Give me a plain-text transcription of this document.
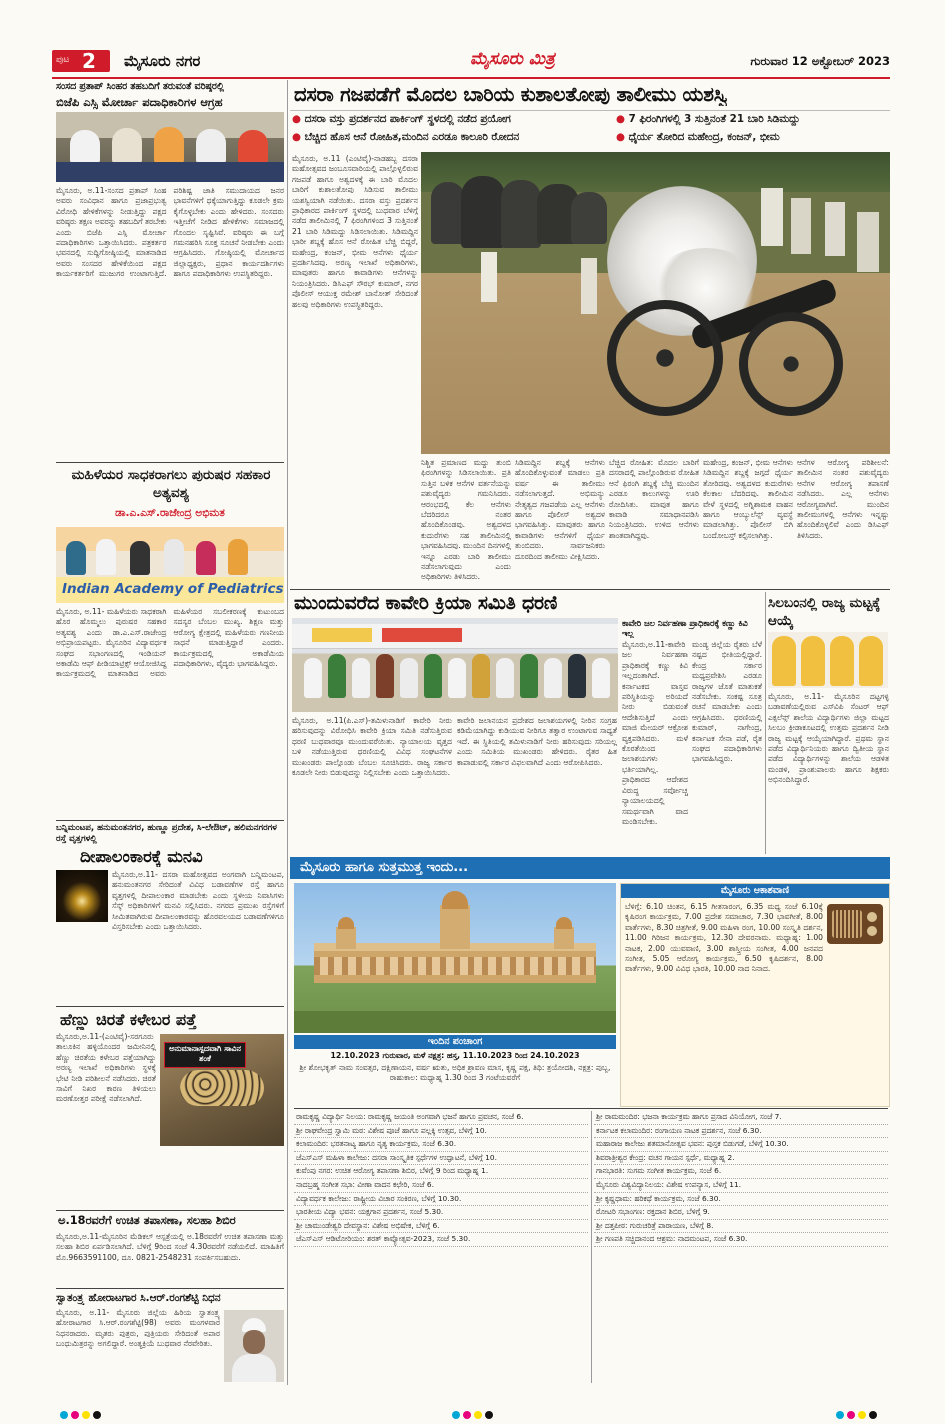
ಪುಟ 2 ಮೈಸೂರು ನಗರ	ಮೈಸೂರು ಮಿತ್ರ	ಗುರುವಾರ 12 ಅಕ್ಟೋಬರ್ 2023
ಸಂಸದ ಪ್ರತಾಪ್ ಸಿಂಹರ ತಹಬದಿಗೆ ತರುವಂತೆ ವರಿಷ್ಠರಲ್ಲಿ
ಬಿಜೆಪಿ ಎಸ್ಸಿ ಮೋರ್ಚಾ ಪದಾಧಿಕಾರಿಗಳ ಆಗ್ರಹ
ಮೈಸೂರು, ಅ.11-ಸಂಸದ ಪ್ರತಾಪ್ ಸಿಂಹ ಅವರು ಸಂವಿಧಾನ ಹಾಗೂ ಪ್ರಜಾಪ್ರಭುತ್ವ ವಿರೋಧಿ ಹೇಳಿಕೆಗಳನ್ನು ನೀಡುತ್ತಿದ್ದು ಪಕ್ಷದ ವರಿಷ್ಠರು ತಕ್ಷಣ ಅವರನ್ನು ತಹಬದಿಗೆ ತರಬೇಕು ಎಂದು ಬಿಜೆಪಿ ಎಸ್ಸಿ ಮೋರ್ಚಾ ಪದಾಧಿಕಾರಿಗಳು ಒತ್ತಾಯಿಸಿದರು. ಪತ್ರಕರ್ತರ ಭವನದಲ್ಲಿ ಸುದ್ದಿಗೋಷ್ಠಿಯಲ್ಲಿ ಮಾತನಾಡಿದ ಅವರು ಸಂಸದರ ಹೇಳಿಕೆಯಿಂದ ಪಕ್ಷದ ಕಾರ್ಯಕರ್ತರಿಗೆ ಮುಜುಗರ ಉಂಟಾಗುತ್ತಿದೆ. ಪರಿಶಿಷ್ಟ ಜಾತಿ ಸಮುದಾಯದ ಜನರ ಭಾವನೆಗಳಿಗೆ ಧಕ್ಕೆಯಾಗುತ್ತಿದ್ದು ಕೂಡಲೇ ಕ್ರಮ ಕೈಗೊಳ್ಳಬೇಕು ಎಂದು ಹೇಳಿದರು. ಸಂಸದರು ಇತ್ತೀಚೆಗೆ ನೀಡಿದ ಹೇಳಿಕೆಗಳು ಸಮಾಜದಲ್ಲಿ ಗೊಂದಲ ಸೃಷ್ಟಿಸಿವೆ. ವರಿಷ್ಠರು ಈ ಬಗ್ಗೆ ಗಮನಹರಿಸಿ ಸೂಕ್ತ ಸೂಚನೆ ನೀಡಬೇಕು ಎಂದು ಆಗ್ರಹಿಸಿದರು. ಗೋಷ್ಠಿಯಲ್ಲಿ ಮೋರ್ಚಾದ ಜಿಲ್ಲಾಧ್ಯಕ್ಷರು, ಪ್ರಧಾನ ಕಾರ್ಯದರ್ಶಿಗಳು ಹಾಗೂ ಪದಾಧಿಕಾರಿಗಳು ಉಪಸ್ಥಿತರಿದ್ದರು.
ಮಹಿಳೆಯರ ಸಾಧಕರಾಗಲು ಪುರುಷರ ಸಹಕಾರ ಅತ್ಯವಶ್ಯ
ಡಾ.ಎ.ಎಸ್.ರಾಜೇಂದ್ರ ಅಭಿಮತ
Indian Academy of Pediatrics
ಮೈಸೂರು, ಅ.11- ಮಹಿಳೆಯರು ಸಾಧಕರಾಗಿ ಹೊರ ಹೊಮ್ಮಲು ಪುರುಷರ ಸಹಕಾರ ಅತ್ಯವಶ್ಯ ಎಂದು ಡಾ.ಎ.ಎಸ್.ರಾಜೇಂದ್ರ ಅಭಿಪ್ರಾಯಪಟ್ಟರು. ಮೈಸೂರಿನ ವಿದ್ಯಾವರ್ಧಕ ಸಂಘದ ಸಭಾಂಗಣದಲ್ಲಿ ಇಂಡಿಯನ್ ಅಕಾಡೆಮಿ ಆಫ್ ಪೀಡಿಯಾಟ್ರಿಕ್ಸ್ ಆಯೋಜಿಸಿದ್ದ ಕಾರ್ಯಕ್ರಮದಲ್ಲಿ ಮಾತನಾಡಿದ ಅವರು ಮಹಿಳೆಯರ ಸಬಲೀಕರಣಕ್ಕೆ ಕುಟುಂಬದ ಸದಸ್ಯರ ಬೆಂಬಲ ಮುಖ್ಯ. ಶಿಕ್ಷಣ ಮತ್ತು ಆರೋಗ್ಯ ಕ್ಷೇತ್ರದಲ್ಲಿ ಮಹಿಳೆಯರು ಗಣನೀಯ ಸಾಧನೆ ಮಾಡುತ್ತಿದ್ದಾರೆ ಎಂದರು. ಕಾರ್ಯಕ್ರಮದಲ್ಲಿ ಅಕಾಡೆಮಿಯ ಪದಾಧಿಕಾರಿಗಳು, ವೈದ್ಯರು ಭಾಗವಹಿಸಿದ್ದರು.
ಬನ್ನಿಮಂಟಪ, ಹನುಮಂತನಗರ, ಹುಣ್ಣೂ ಪ್ರದೇಶ, ಸಿ-ಲೇಔಟ್, ಹಲಿಮನಗರಗಳ ರಸ್ತೆ ವೃತ್ತಗಳಲ್ಲಿ
ದೀಪಾಲಂಕಾರಕ್ಕೆ ಮನವಿ
ಮೈಸೂರು,ಅ.11- ದಸರಾ ಮಹೋತ್ಸವದ ಅಂಗವಾಗಿ ಬನ್ನಿಮಂಟಪ, ಹನುಮಂತನಗರ ಸೇರಿದಂತೆ ವಿವಿಧ ಬಡಾವಣೆಗಳ ರಸ್ತೆ ಹಾಗೂ ವೃತ್ತಗಳಲ್ಲಿ ದೀಪಾಲಂಕಾರ ಮಾಡಬೇಕು ಎಂದು ಸ್ಥಳೀಯ ನಿವಾಸಿಗಳು ಸೆಸ್ಕ್ ಅಧಿಕಾರಿಗಳಿಗೆ ಮನವಿ ಸಲ್ಲಿಸಿದರು. ನಗರದ ಪ್ರಮುಖ ರಸ್ತೆಗಳಿಗೆ ಸೀಮಿತವಾಗಿರುವ ದೀಪಾಲಂಕಾರವನ್ನು ಹೊರವಲಯದ ಬಡಾವಣೆಗಳಿಗೂ ವಿಸ್ತರಿಸಬೇಕು ಎಂದು ಒತ್ತಾಯಿಸಿದರು.
ಹೆಣ್ಣು ಚಿರತೆ ಕಳೇಬರ ಪತ್ತೆ
ಮೈಸೂರು,ಅ.11-(ಎಂಟಿವೈ)-ಸರಗೂರು ತಾಲೂಕಿನ ಹಳ್ಳಿಯೊಂದರ ಜಮೀನಿನಲ್ಲಿ ಹೆಣ್ಣು ಚಿರತೆಯ ಕಳೇಬರ ಪತ್ತೆಯಾಗಿದ್ದು ಅರಣ್ಯ ಇಲಾಖೆ ಅಧಿಕಾರಿಗಳು ಸ್ಥಳಕ್ಕೆ ಭೇಟಿ ನೀಡಿ ಪರಿಶೀಲನೆ ನಡೆಸಿದರು. ಚಿರತೆ ಸಾವಿಗೆ ನಿಖರ ಕಾರಣ ತಿಳಿಯಲು ಮರಣೋತ್ತರ ಪರೀಕ್ಷೆ ನಡೆಸಲಾಗಿದೆ.
ಅನುಮಾನಾಸ್ಪದವಾಗಿ ಸಾವಿನ ಶಂಕೆ
ಅ.18ರವರೆಗೆ ಉಚಿತ ತಪಾಸಣಾ, ಸಲಹಾ ಶಿಬಿರ
ಮೈಸೂರು,ಅ.11-ಮೈಸೂರಿನ ಮೆಡಿಕಲ್ ಆಸ್ಪತ್ರೆಯಲ್ಲಿ ಅ.18ರವರೆಗೆ ಉಚಿತ ತಪಾಸಣಾ ಮತ್ತು ಸಲಹಾ ಶಿಬಿರ ಏರ್ಪಡಿಸಲಾಗಿದೆ. ಬೆಳಿಗ್ಗೆ 9ರಿಂದ ಸಂಜೆ 4.30ರವರೆಗೆ ನಡೆಯಲಿದೆ. ಮಾಹಿತಿಗೆ ಮೊ.9663591100, ದೂ. 0821-2548231 ಸಂಪರ್ಕಿಸಬಹುದು.
ಸ್ವಾತಂತ್ರ್ಯ ಹೋರಾಟಗಾರ ಸಿ.ಆರ್.ರಂಗಶೆಟ್ಟಿ ನಿಧನ
ಮೈಸೂರು, ಅ.11- ಮೈಸೂರು ಜಿಲ್ಲೆಯ ಹಿರಿಯ ಸ್ವಾತಂತ್ರ್ಯ ಹೋರಾಟಗಾರ ಸಿ.ಆರ್.ರಂಗಶೆಟ್ಟಿ(98) ಅವರು ಮಂಗಳವಾರ ನಿಧನರಾದರು. ಮೃತರು ಪುತ್ರರು, ಪುತ್ರಿಯರು ಸೇರಿದಂತೆ ಅಪಾರ ಬಂಧುಮಿತ್ರರನ್ನು ಅಗಲಿದ್ದಾರೆ. ಅಂತ್ಯಕ್ರಿಯೆ ಬುಧವಾರ ನೆರವೇರಿತು.
ದಸರಾ ಗಜಪಡೆಗೆ ಮೊದಲ ಬಾರಿಯ ಕುಶಾಲತೋಪು ತಾಲೀಮು ಯಶಸ್ವಿ
● ದಸರಾ ವಸ್ತು ಪ್ರದರ್ಶನದ ಪಾರ್ಕಿಂಗ್ ಸ್ಥಳದಲ್ಲಿ ನಡೆದ ಪ್ರಯೋಗ	● 7 ಫಿರಂಗಿಗಳಲ್ಲಿ 3 ಸುತ್ತಿನಂತೆ 21 ಬಾರಿ ಸಿಡಿಮದ್ದು
● ಬೆಚ್ಚಿದ ಹೊಸ ಆನೆ ರೋಹಿತ,ಮಂದಿನ ಎರಡೂ ಕಾಲೂರಿ ರೋದನ	● ಧೈರ್ಯ ತೋರಿದ ಮಹೇಂದ್ರ, ಕಂಜನ್, ಭೀಮ
ಮೈಸೂರು, ಅ.11 (ಎಂಟಿವೈ)-ನಾಡಹಬ್ಬ ದಸರಾ ಮಹೋತ್ಸವದ ಜಂಬೂಸವಾರಿಯಲ್ಲಿ ಪಾಲ್ಗೊಳ್ಳಲಿರುವ ಗಜಪಡೆ ಹಾಗೂ ಅಶ್ವದಳಕ್ಕೆ ಈ ಬಾರಿ ಮೊದಲ ಬಾರಿಗೆ ಕುಶಾಲತೋಪು ಸಿಡಿಸುವ ತಾಲೀಮು ಯಶಸ್ವಿಯಾಗಿ ನಡೆಯಿತು. ದಸರಾ ವಸ್ತು ಪ್ರದರ್ಶನ ಪ್ರಾಧಿಕಾರದ ಪಾರ್ಕಿಂಗ್ ಸ್ಥಳದಲ್ಲಿ ಬುಧವಾರ ಬೆಳಿಗ್ಗೆ ನಡೆದ ತಾಲೀಮಿನಲ್ಲಿ 7 ಫಿರಂಗಿಗಳಿಂದ 3 ಸುತ್ತಿನಂತೆ 21 ಬಾರಿ ಸಿಡಿಮದ್ದು ಸಿಡಿಸಲಾಯಿತು. ಸಿಡಿಮದ್ದಿನ ಭಾರೀ ಶಬ್ದಕ್ಕೆ ಹೊಸ ಆನೆ ರೋಹಿತ ಬೆಚ್ಚಿ ಬಿದ್ದರೆ, ಮಹೇಂದ್ರ, ಕಂಜನ್, ಭೀಮ ಆನೆಗಳು ಧೈರ್ಯ ಪ್ರದರ್ಶಿಸಿದವು. ಅರಣ್ಯ ಇಲಾಖೆ ಅಧಿಕಾರಿಗಳು, ಮಾವುತರು ಹಾಗೂ ಕಾವಾಡಿಗಳು ಆನೆಗಳನ್ನು ನಿಯಂತ್ರಿಸಿದರು. ಡಿಸಿಎಫ್ ಸೌರಭ್ ಕುಮಾರ್, ನಗರ ಪೊಲೀಸ್ ಆಯುಕ್ತ ರಮೇಶ್ ಬಾನೋತ್ ಸೇರಿದಂತೆ ಹಲವು ಅಧಿಕಾರಿಗಳು ಉಪಸ್ಥಿತರಿದ್ದರು.
ನಿಶ್ಚಿತ ಪ್ರಮಾಣದ ಮದ್ದು ತುಂಬಿ ಫಿರಂಗಿಗಳನ್ನು ಸಿಡಿಸಲಾಯಿತು. ಪ್ರತಿ ಸುತ್ತಿನ ಬಳಿಕ ಆನೆಗಳ ವರ್ತನೆಯನ್ನು ಪಶುವೈದ್ಯರು ಗಮನಿಸಿದರು. ಆರಂಭದಲ್ಲಿ ಕೆಲ ಆನೆಗಳು ಬೆದರಿದರೂ ನಂತರ ಹೊಂದಿಕೊಂಡವು. ಅಶ್ವದಳದ ಕುದುರೆಗಳು ಸಹ ತಾಲೀಮಿನಲ್ಲಿ ಭಾಗವಹಿಸಿದವು. ಮುಂದಿನ ದಿನಗಳಲ್ಲಿ ಇನ್ನೂ ಎರಡು ಬಾರಿ ತಾಲೀಮು ನಡೆಸಲಾಗುವುದು ಎಂದು ಅಧಿಕಾರಿಗಳು ತಿಳಿಸಿದರು.
ಸಿಡಿಮದ್ದಿನ ಶಬ್ದಕ್ಕೆ ಆನೆಗಳು ಹೊಂದಿಕೊಳ್ಳುವಂತೆ ಮಾಡಲು ಪ್ರತಿ ವರ್ಷ ಈ ತಾಲೀಮು ನಡೆಸಲಾಗುತ್ತದೆ. ಅಭಿಮನ್ಯು ನೇತೃತ್ವದ ಗಜಪಡೆಯ ಎಲ್ಲ ಆನೆಗಳು ಹಾಗೂ ಪೊಲೀಸ್ ಅಶ್ವದಳ ಭಾಗವಹಿಸಿತ್ತು. ಮಾವುತರು ಹಾಗೂ ಕಾವಾಡಿಗಳು ಆನೆಗಳಿಗೆ ಧೈರ್ಯ ತುಂಬಿದರು. ಸಾರ್ವಜನಿಕರು ದೂರದಿಂದ ತಾಲೀಮು ವೀಕ್ಷಿಸಿದರು.
ಬೆಚ್ಚಿದ ರೋಹಿತ: ಮೊದಲ ಬಾರಿಗೆ ದಸರಾದಲ್ಲಿ ಪಾಲ್ಗೊಂಡಿರುವ ರೋಹಿತ ಆನೆ ಫಿರಂಗಿ ಶಬ್ದಕ್ಕೆ ಬೆಚ್ಚಿ ಮುಂದಿನ ಎರಡೂ ಕಾಲುಗಳನ್ನು ಊರಿ ರೋದಿಸಿತು. ಮಾವುತ ಹಾಗೂ ಕಾವಾಡಿ ಸಮಾಧಾನಪಡಿಸಿ ನಿಯಂತ್ರಿಸಿದರು. ಉಳಿದ ಆನೆಗಳು ಶಾಂತವಾಗಿದ್ದವು.
ಮಹೇಂದ್ರ, ಕಂಜನ್, ಭೀಮ ಆನೆಗಳು ಸಿಡಿಮದ್ದಿನ ಶಬ್ದಕ್ಕೆ ಜಗ್ಗದೆ ಧೈರ್ಯ ತೋರಿದವು. ಅಶ್ವದಳದ ಕುದುರೆಗಳು ಕೆಲಕಾಲ ಬೆದರಿದವು. ತಾಲೀಮಿನ ವೇಳೆ ಸ್ಥಳದಲ್ಲಿ ಅಗ್ನಿಶಾಮಕ ವಾಹನ ಹಾಗೂ ಆಂಬ್ಯುಲೆನ್ಸ್ ವ್ಯವಸ್ಥೆ ಮಾಡಲಾಗಿತ್ತು. ಪೊಲೀಸ್ ಬಿಗಿ ಬಂದೋಬಸ್ತ್ ಕಲ್ಪಿಸಲಾಗಿತ್ತು.
ಆನೆಗಳ ಆರೋಗ್ಯ ಪರಿಶೀಲನೆ: ತಾಲೀಮಿನ ನಂತರ ಪಶುವೈದ್ಯರು ಆನೆಗಳ ಆರೋಗ್ಯ ತಪಾಸಣೆ ನಡೆಸಿದರು. ಎಲ್ಲ ಆನೆಗಳು ಆರೋಗ್ಯವಾಗಿವೆ. ಮುಂದಿನ ತಾಲೀಮುಗಳಲ್ಲಿ ಆನೆಗಳು ಇನ್ನಷ್ಟು ಹೊಂದಿಕೊಳ್ಳಲಿವೆ ಎಂದು ಡಿಸಿಎಫ್ ತಿಳಿಸಿದರು.
ಮುಂದುವರೆದ ಕಾವೇರಿ ಕ್ರಿಯಾ ಸಮಿತಿ ಧರಣಿ
ಮೈಸೂರು, ಅ.11(ಪಿ.ಎಸ್)-ತಮಿಳುನಾಡಿಗೆ ಕಾವೇರಿ ನೀರು ಹರಿಸುವುದನ್ನು ವಿರೋಧಿಸಿ ಕಾವೇರಿ ಕ್ರಿಯಾ ಸಮಿತಿ ನಡೆಸುತ್ತಿರುವ ಧರಣಿ ಬುಧವಾರವೂ ಮುಂದುವರೆಯಿತು. ನ್ಯಾಯಾಲಯ ವೃತ್ತದ ಬಳಿ ನಡೆಯುತ್ತಿರುವ ಧರಣಿಯಲ್ಲಿ ವಿವಿಧ ಸಂಘಟನೆಗಳ ಮುಖಂಡರು ಪಾಲ್ಗೊಂಡು ಬೆಂಬಲ ಸೂಚಿಸಿದರು. ರಾಜ್ಯ ಸರ್ಕಾರ ಕೂಡಲೇ ನೀರು ಬಿಡುವುದನ್ನು ನಿಲ್ಲಿಸಬೇಕು ಎಂದು ಒತ್ತಾಯಿಸಿದರು.
ಕಾವೇರಿ ಜಲಾನಯನ ಪ್ರದೇಶದ ಜಲಾಶಯಗಳಲ್ಲಿ ನೀರಿನ ಸಂಗ್ರಹ ಕಡಿಮೆಯಾಗಿದ್ದು ಕುಡಿಯುವ ನೀರಿಗೂ ತತ್ವಾರ ಉಂಟಾಗುವ ಸಾಧ್ಯತೆ ಇದೆ. ಈ ಸ್ಥಿತಿಯಲ್ಲಿ ತಮಿಳುನಾಡಿಗೆ ನೀರು ಹರಿಸುವುದು ಸರಿಯಲ್ಲ ಎಂದು ಸಮಿತಿಯ ಮುಖಂಡರು ಹೇಳಿದರು. ರೈತರ ಹಿತ ಕಾಪಾಡುವಲ್ಲಿ ಸರ್ಕಾರ ವಿಫಲವಾಗಿದೆ ಎಂದು ಆರೋಪಿಸಿದರು.
ಕಾವೇರಿ ಜಲ ನಿರ್ವಹಣಾ ಪ್ರಾಧಿಕಾರಕ್ಕೆ ಕಣ್ಣು ಕಿವಿ ಇಲ್ಲ
ಮೈಸೂರು,ಅ.11-ಕಾವೇರಿ ಜಲ ನಿರ್ವಹಣಾ ಪ್ರಾಧಿಕಾರಕ್ಕೆ ಕಣ್ಣು ಕಿವಿ ಇಲ್ಲದಂತಾಗಿದೆ. ಕರ್ನಾಟಕದ ವಾಸ್ತವ ಪರಿಸ್ಥಿತಿಯನ್ನು ಅರಿಯದೆ ನೀರು ಬಿಡುವಂತೆ ಆದೇಶಿಸುತ್ತಿದೆ ಎಂದು ಮಾಜಿ ಮೇಯರ್ ಆಕ್ರೋಶ ವ್ಯಕ್ತಪಡಿಸಿದರು. ಮಳೆ ಕೊರತೆಯಿಂದ ಜಲಾಶಯಗಳು ಭರ್ತಿಯಾಗಿಲ್ಲ. ಪ್ರಾಧಿಕಾರದ ಆದೇಶದ ವಿರುದ್ಧ ಸರ್ವೋಚ್ಚ ನ್ಯಾಯಾಲಯದಲ್ಲಿ ಸಮರ್ಥವಾಗಿ ವಾದ ಮಂಡಿಸಬೇಕು.
ಮಂಡ್ಯ ಜಿಲ್ಲೆಯ ರೈತರು ಬೆಳೆ ನಷ್ಟದ ಭೀತಿಯಲ್ಲಿದ್ದಾರೆ. ಕೇಂದ್ರ ಸರ್ಕಾರ ಮಧ್ಯಪ್ರವೇಶಿಸಿ ಎರಡೂ ರಾಜ್ಯಗಳ ಜೊತೆ ಮಾತುಕತೆ ನಡೆಸಬೇಕು. ಸಂಕಷ್ಟ ಸೂತ್ರ ರಚನೆ ಮಾಡಬೇಕು ಎಂದು ಆಗ್ರಹಿಸಿದರು. ಧರಣಿಯಲ್ಲಿ ಕುಮಾರ್, ನಾಗೇಂದ್ರ, ಕರ್ನಾಟಕ ಸೇನಾ ಪಡೆ, ರೈತ ಸಂಘದ ಪದಾಧಿಕಾರಿಗಳು ಭಾಗವಹಿಸಿದ್ದರು.
ಸಿಲಬಂನಲ್ಲಿ ರಾಜ್ಯ ಮಟ್ಟಕ್ಕೆ ಆಯ್ಕೆ
ಮೈಸೂರು, ಅ.11- ಮೈಸೂರಿನ ದಟ್ಟಗಳ್ಳಿ ಬಡಾವಣೆಯಲ್ಲಿರುವ ಎಸ್‍ವಿಪಿ ಸೆಂಟರ್ ಆಫ್ ಎಕ್ಸಲೆನ್ಸ್ ಶಾಲೆಯ ವಿದ್ಯಾರ್ಥಿಗಳು ಜಿಲ್ಲಾ ಮಟ್ಟದ ಸಿಲಬಂ ಕ್ರೀಡಾಕೂಟದಲ್ಲಿ ಉತ್ತಮ ಪ್ರದರ್ಶನ ನೀಡಿ ರಾಜ್ಯ ಮಟ್ಟಕ್ಕೆ ಆಯ್ಕೆಯಾಗಿದ್ದಾರೆ. ಪ್ರಥಮ ಸ್ಥಾನ ಪಡೆದ ವಿದ್ಯಾರ್ಥಿನಿಯರು ಹಾಗೂ ದ್ವಿತೀಯ ಸ್ಥಾನ ಪಡೆದ ವಿದ್ಯಾರ್ಥಿಗಳನ್ನು ಶಾಲೆಯ ಆಡಳಿತ ಮಂಡಳಿ, ಪ್ರಾಂಶುಪಾಲರು ಹಾಗೂ ಶಿಕ್ಷಕರು ಅಭಿನಂದಿಸಿದ್ದಾರೆ.
ಮೈಸೂರು ಹಾಗೂ ಸುತ್ತಮುತ್ತ ಇಂದು...
ಇಂದಿನ ಪಂಚಾಂಗ
12.10.2023 ಗುರುವಾರ, ಮಳೆ ನಕ್ಷತ್ರ: ಹಸ್ತ, 11.10.2023 ರಿಂದ 24.10.2023
ಶ್ರೀ ಶೋಭಕೃತ್ ನಾಮ ಸಂವತ್ಸರ, ದಕ್ಷಿಣಾಯನ, ವರ್ಷ ಋತು, ಅಧಿಕ ಶ್ರಾವಣ ಮಾಸ, ಕೃಷ್ಣ ಪಕ್ಷ, ತಿಥಿ: ತ್ರಯೋದಶಿ, ನಕ್ಷತ್ರ: ಪುಬ್ಬ, ರಾಹುಕಾಲ: ಮಧ್ಯಾಹ್ನ 1.30 ರಿಂದ 3 ಗಂಟೆಯವರೆಗೆ
ಮೈಸೂರು ಆಕಾಶವಾಣಿ
ಬೆಳಿಗ್ಗೆ: 6.10 ಚಿಂತನ, 6.15 ಗೀತಸಾರಂಗ, 6.35 ಮಧ್ಯ ಸಂಜೆ 6.10ಕ್ಕೆ ಕೃಷಿರಂಗ ಕಾರ್ಯಕ್ರಮ, 7.00 ಪ್ರದೇಶ ಸಮಾಚಾರ, 7.30 ಭಾವಗೀತೆ, 8.00 ವಾರ್ತೆಗಳು, 8.30 ಚಿತ್ರಗೀತೆ, 9.00 ಮಹಿಳಾ ರಂಗ, 10.00 ಸಂಸ್ಕೃತಿ ದರ್ಶನ, 11.00 ಗಿರಿಜನ ಕಾರ್ಯಕ್ರಮ, 12.30 ದೇವರನಾಮ. ಮಧ್ಯಾಹ್ನ: 1.00 ನಾಟಕ, 2.00 ಯುವವಾಣಿ, 3.00 ಶಾಸ್ತ್ರೀಯ ಸಂಗೀತ, 4.00 ಜನಪದ ಸಂಗೀತ, 5.05 ಆರೋಗ್ಯ ಕಾರ್ಯಕ್ರಮ, 6.50 ಕೃಷಿದರ್ಶನ, 8.00 ವಾರ್ತೆಗಳು, 9.00 ವಿವಿಧ ಭಾರತಿ, 10.00 ನಾದ ನಿನಾದ.
ರಾಮಕೃಷ್ಣ ವಿದ್ಯಾರ್ಥಿ ನಿಲಯ: ರಾಮಕೃಷ್ಣ ಜಯಂತಿ ಅಂಗವಾಗಿ ಭಜನೆ ಹಾಗೂ ಪ್ರವಚನ, ಸಂಜೆ 6.
ಶ್ರೀ ರಾಘವೇಂದ್ರ ಸ್ವಾಮಿ ಮಠ: ವಿಶೇಷ ಪೂಜೆ ಹಾಗೂ ಪಲ್ಲಕ್ಕಿ ಉತ್ಸವ, ಬೆಳಿಗ್ಗೆ 10.
ಕಲಾಮಂದಿರ: ಭರತನಾಟ್ಯ ಹಾಗೂ ನೃತ್ಯ ಕಾರ್ಯಕ್ರಮ, ಸಂಜೆ 6.30.
ಜೆಎಸ್‍ಎಸ್ ಮಹಿಳಾ ಕಾಲೇಜು: ದಸರಾ ಸಾಂಸ್ಕೃತಿಕ ಸ್ಪರ್ಧೆಗಳ ಉದ್ಘಾಟನೆ, ಬೆಳಿಗ್ಗೆ 10.
ಕುವೆಂಪು ನಗರ: ಉಚಿತ ಆರೋಗ್ಯ ತಪಾಸಣಾ ಶಿಬಿರ, ಬೆಳಿಗ್ಗೆ 9 ರಿಂದ ಮಧ್ಯಾಹ್ನ 1.
ನಾದಬ್ರಹ್ಮ ಸಂಗೀತ ಸಭಾ: ವೀಣಾ ವಾದನ ಕಛೇರಿ, ಸಂಜೆ 6.
ವಿದ್ಯಾವರ್ಧಕ ಕಾಲೇಜು: ರಾಷ್ಟ್ರೀಯ ವಿಚಾರ ಸಂಕಿರಣ, ಬೆಳಿಗ್ಗೆ 10.30.
ಭಾರತೀಯ ವಿದ್ಯಾ ಭವನ: ಯಕ್ಷಗಾನ ಪ್ರದರ್ಶನ, ಸಂಜೆ 5.30.
ಶ್ರೀ ಚಾಮುಂಡೇಶ್ವರಿ ದೇವಸ್ಥಾನ: ವಿಶೇಷ ಅಭಿಷೇಕ, ಬೆಳಿಗ್ಗೆ 6.
ಜೆಎಸ್‍ಎಸ್ ಆಡಿಟೋರಿಯಂ: ಶರತ್ ಕಾವ್ಯೋತ್ಸವ-2023, ಸಂಜೆ 5.30.
ಶ್ರೀ ರಾಮಮಂದಿರ: ಭಜನಾ ಕಾರ್ಯಕ್ರಮ ಹಾಗೂ ಪ್ರಸಾದ ವಿನಿಯೋಗ, ಸಂಜೆ 7.
ಕರ್ನಾಟಕ ಕಲಾಮಂದಿರ: ರಂಗಾಯಣ ನಾಟಕ ಪ್ರದರ್ಶನ, ಸಂಜೆ 6.30.
ಮಹಾರಾಜ ಕಾಲೇಜು ಶತಮಾನೋತ್ಸವ ಭವನ: ಪುಸ್ತಕ ಬಿಡುಗಡೆ, ಬೆಳಿಗ್ಗೆ 10.30.
ಶಿವರಾತ್ರೀಶ್ವರ ಕೇಂದ್ರ: ವಚನ ಗಾಯನ ಸ್ಪರ್ಧೆ, ಮಧ್ಯಾಹ್ನ 2.
ಗಾನಭಾರತಿ: ಸುಗಮ ಸಂಗೀತ ಕಾರ್ಯಕ್ರಮ, ಸಂಜೆ 6.
ಮೈಸೂರು ವಿಶ್ವವಿದ್ಯಾನಿಲಯ: ವಿಶೇಷ ಉಪನ್ಯಾಸ, ಬೆಳಿಗ್ಗೆ 11.
ಶ್ರೀ ಕೃಷ್ಣಧಾಮ: ಹರಿಕಥೆ ಕಾರ್ಯಕ್ರಮ, ಸಂಜೆ 6.30.
ರೋಟರಿ ಸಭಾಂಗಣ: ರಕ್ತದಾನ ಶಿಬಿರ, ಬೆಳಿಗ್ಗೆ 9.
ಶ್ರೀ ದತ್ತಪೀಠ: ಗುರುಚರಿತ್ರೆ ಪಾರಾಯಣ, ಬೆಳಿಗ್ಗೆ 8.
ಶ್ರೀ ಗಣಪತಿ ಸಚ್ಚಿದಾನಂದ ಆಶ್ರಮ: ನಾದಮಂಟಪ, ಸಂಜೆ 6.30.
